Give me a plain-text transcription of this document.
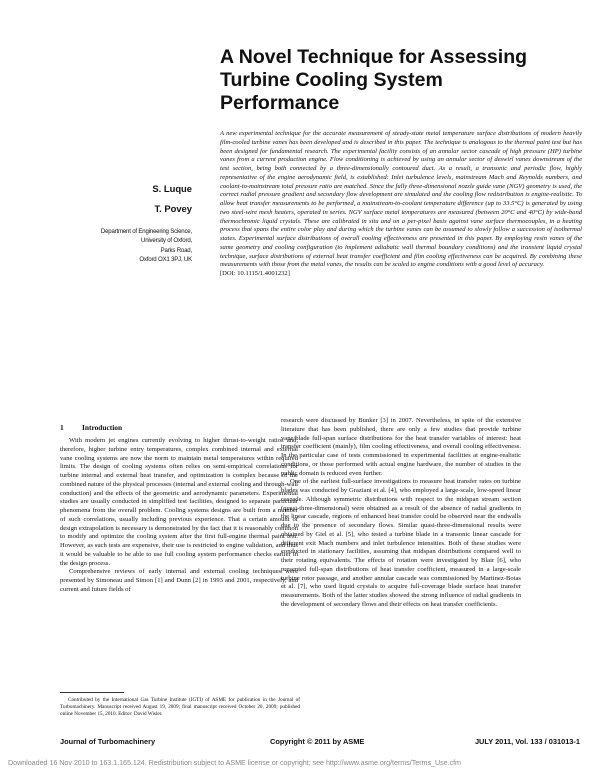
A Novel Technique for Assessing
Turbine Cooling System
Performance
S. Luque
T. Povey
Department of Engineering Science,
University of Oxford,
Parks Road,
Oxford OX1 3PJ, UK

A new experimental technique for the accurate measurement of steady-state metal temperature surface distributions of modern heavily film-cooled turbine vanes has been developed and is described in this paper. The technique is analogous to the thermal paint test but has been designed for fundamental research. The experimental facility consists of an annular sector cascade of high pressure (HP) turbine vanes from a current production engine. Flow conditioning is achieved by using an annular sector of deswirl vanes downstream of the test section, being both connected by a three-dimensionally contoured duct. As a result, a transonic and periodic flow, highly representative of the engine aerodynamic field, is established: Inlet turbulence levels, mainstream Mach and Reynolds numbers, and coolant-to-mainstream total pressure ratio are matched. Since the fully three-dimensional nozzle guide vane (NGV) geometry is used, the correct radial pressure gradient and secondary flow development are simulated and the cooling flow redistribution is engine-realistic. To allow heat transfer measurements to be performed, a mainstream-to-coolant temperature difference (up to 33.5°C) is generated by using two steel-wire mesh heaters, operated in series. NGV surface metal temperatures are measured (between 20°C and 40°C) by wide-band thermochromic liquid crystals. These are calibrated in situ and on a per-pixel basis against vane surface thermocouples, in a heating process that spans the entire color play and during which the turbine vanes can be assumed to slowly follow a succession of isothermal states. Experimental surface distributions of overall cooling effectiveness are presented in this paper. By employing resin vanes of the same geometry and cooling configuration (to implement adiabatic wall thermal boundary conditions) and the transient liquid crystal technique, surface distributions of external heat transfer coefficient and film cooling effectiveness can be acquired. By combining these measurements with those from the metal vanes, the results can be scaled to engine conditions with a good level of accuracy.
[DOI: 10.1115/1.4001232]

1 Introduction

With modern jet engines currently evolving to higher thrust-to-weight ratios and, therefore, higher turbine entry temperatures, complex combined internal and external vane cooling systems are now the norm to maintain metal temperatures within required limits. The design of cooling systems often relies on semi-empirical correlations for turbine internal and external heat transfer, and optimization is complex because of the combined nature of the physical processes (internal and external cooling and through-wall conduction) and the effects of the geometric and aerodynamic parameters. Experimental studies are usually conducted in simplified test facilities, designed to separate particular phenomena from the overall problem. Cooling systems designs are built from a number of such correlations, usually including previous experience. That a certain amount of design extrapolation is necessary is demonstrated by the fact that it is reasonably common to modify and optimize the cooling system after the first full-engine thermal paint test. However, as such tests are expensive, their use is restricted to engine validation, and thus it would be valuable to be able to use full cooling system performance checks earlier in the design process.

Comprehensive reviews of early internal and external cooling techniques were presented by Simoneau and Simon [1] and Dunn [2] in 1993 and 2001, respectively, and current and future fields of

research were discussed by Bunker [3] in 2007. Nevertheless, in spite of the extensive literature that has been published, there are only a few studies that provide turbine vane/blade full-span surface distributions for the heat transfer variables of interest: heat transfer coefficient (mainly), film cooling effectiveness, and overall cooling effectiveness. In the particular case of tests commissioned in experimental facilities at engine-realistic conditions, or those performed with actual engine hardware, the number of studies in the public domain is reduced even further.

One of the earliest full-surface investigations to measure heat transfer rates on turbine blades was conducted by Graziani et al. [4], who employed a large-scale, low-speed linear cascade. Although symmetric distributions with respect to the midspan stream section (quasi-three-dimensional) were obtained as a result of the absence of radial gradients in the linear cascade, regions of enhanced heat transfer could be observed near the endwalls due to the presence of secondary flows. Similar quasi-three-dimensional results were obtained by Giel et al. [5], who tested a turbine blade in a transonic linear cascade for different exit Mach numbers and inlet turbulence intensities. Both of these studies were conducted in stationary facilities, assuming that midspan distributions compared well to their rotating equivalents. The effects of rotation were investigated by Blair [6], who presented full-span distributions of heat transfer coefficient, measured in a large-scale turbine rotor passage, and another annular cascade was commissioned by Martinez-Botas et al. [7], who used liquid crystals to acquire full-coverage blade surface heat transfer measurements. Both of the latter studies showed the strong influence of radial gradients in the development of secondary flows and their effects on heat transfer coefficients.

Contributed by the International Gas Turbine Institute (IGTI) of ASME for publication in the Journal of Turbomachinery. Manuscript received August 19, 2009; final manuscript received October 20, 2009; published online November 15, 2010. Editor: David Wisler.

Journal of Turbomachinery	Copyright © 2011 by ASME	JULY 2011, Vol. 133 / 031013-1
Downloaded 16 Nov 2010 to 163.1.165.124. Redistribution subject to ASME license or copyright; see http://www.asme.org/terms/Terms_Use.cfm
